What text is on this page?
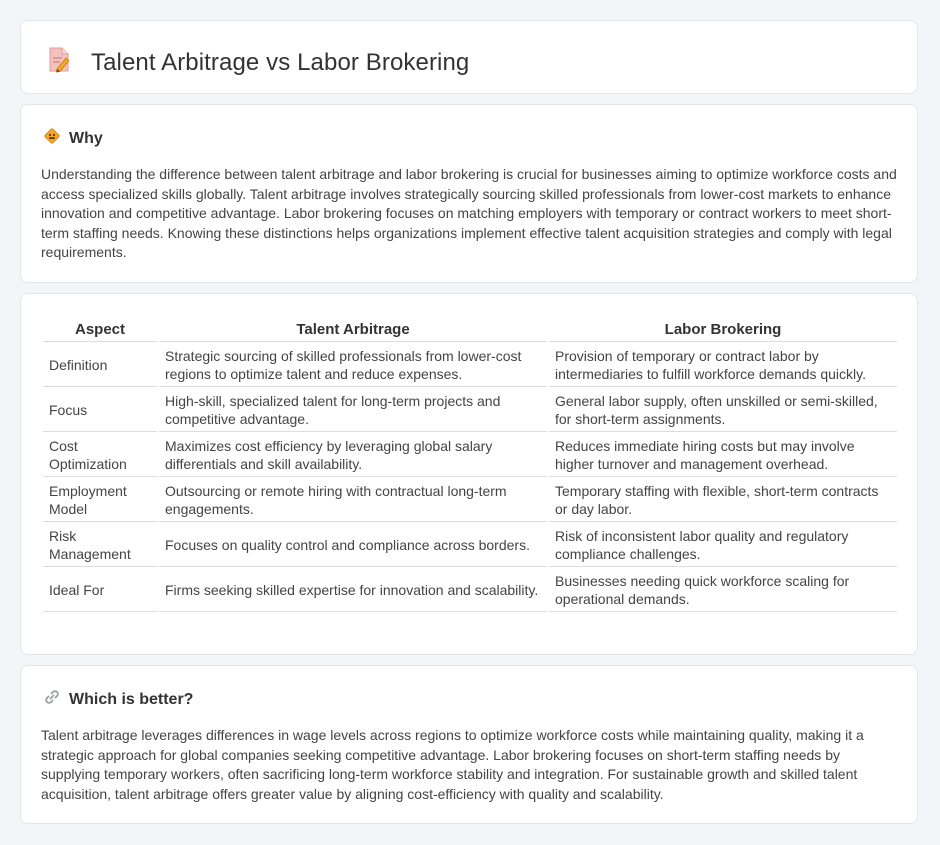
Talent Arbitrage vs Labor Brokering
Why

Understanding the difference between talent arbitrage and labor brokering is crucial for businesses aiming to optimize workforce costs and access specialized skills globally. Talent arbitrage involves strategically sourcing skilled professionals from lower-cost markets to enhance innovation and competitive advantage. Labor brokering focuses on matching employers with temporary or contract workers to meet short-term staffing needs. Knowing these distinctions helps organizations implement effective talent acquisition strategies and comply with legal requirements.

Aspect	Talent Arbitrage	Labor Brokering
Definition	Strategic sourcing of skilled professionals from lower-cost regions to optimize talent and reduce expenses.	Provision of temporary or contract labor by intermediaries to fulfill workforce demands quickly.
Focus	High-skill, specialized talent for long-term projects and competitive advantage.	General labor supply, often unskilled or semi-skilled, for short-term assignments.
Cost Optimization	Maximizes cost efficiency by leveraging global salary differentials and skill availability.	Reduces immediate hiring costs but may involve higher turnover and management overhead.
Employment Model	Outsourcing or remote hiring with contractual long-term engagements.	Temporary staffing with flexible, short-term contracts or day labor.
Risk Management	Focuses on quality control and compliance across borders.	Risk of inconsistent labor quality and regulatory compliance challenges.
Ideal For	Firms seeking skilled expertise for innovation and scalability.	Businesses needing quick workforce scaling for operational demands.
Which is better?

Talent arbitrage leverages differences in wage levels across regions to optimize workforce costs while maintaining quality, making it a strategic approach for global companies seeking competitive advantage. Labor brokering focuses on short-term staffing needs by supplying temporary workers, often sacrificing long-term workforce stability and integration. For sustainable growth and skilled talent acquisition, talent arbitrage offers greater value by aligning cost-efficiency with quality and scalability.
